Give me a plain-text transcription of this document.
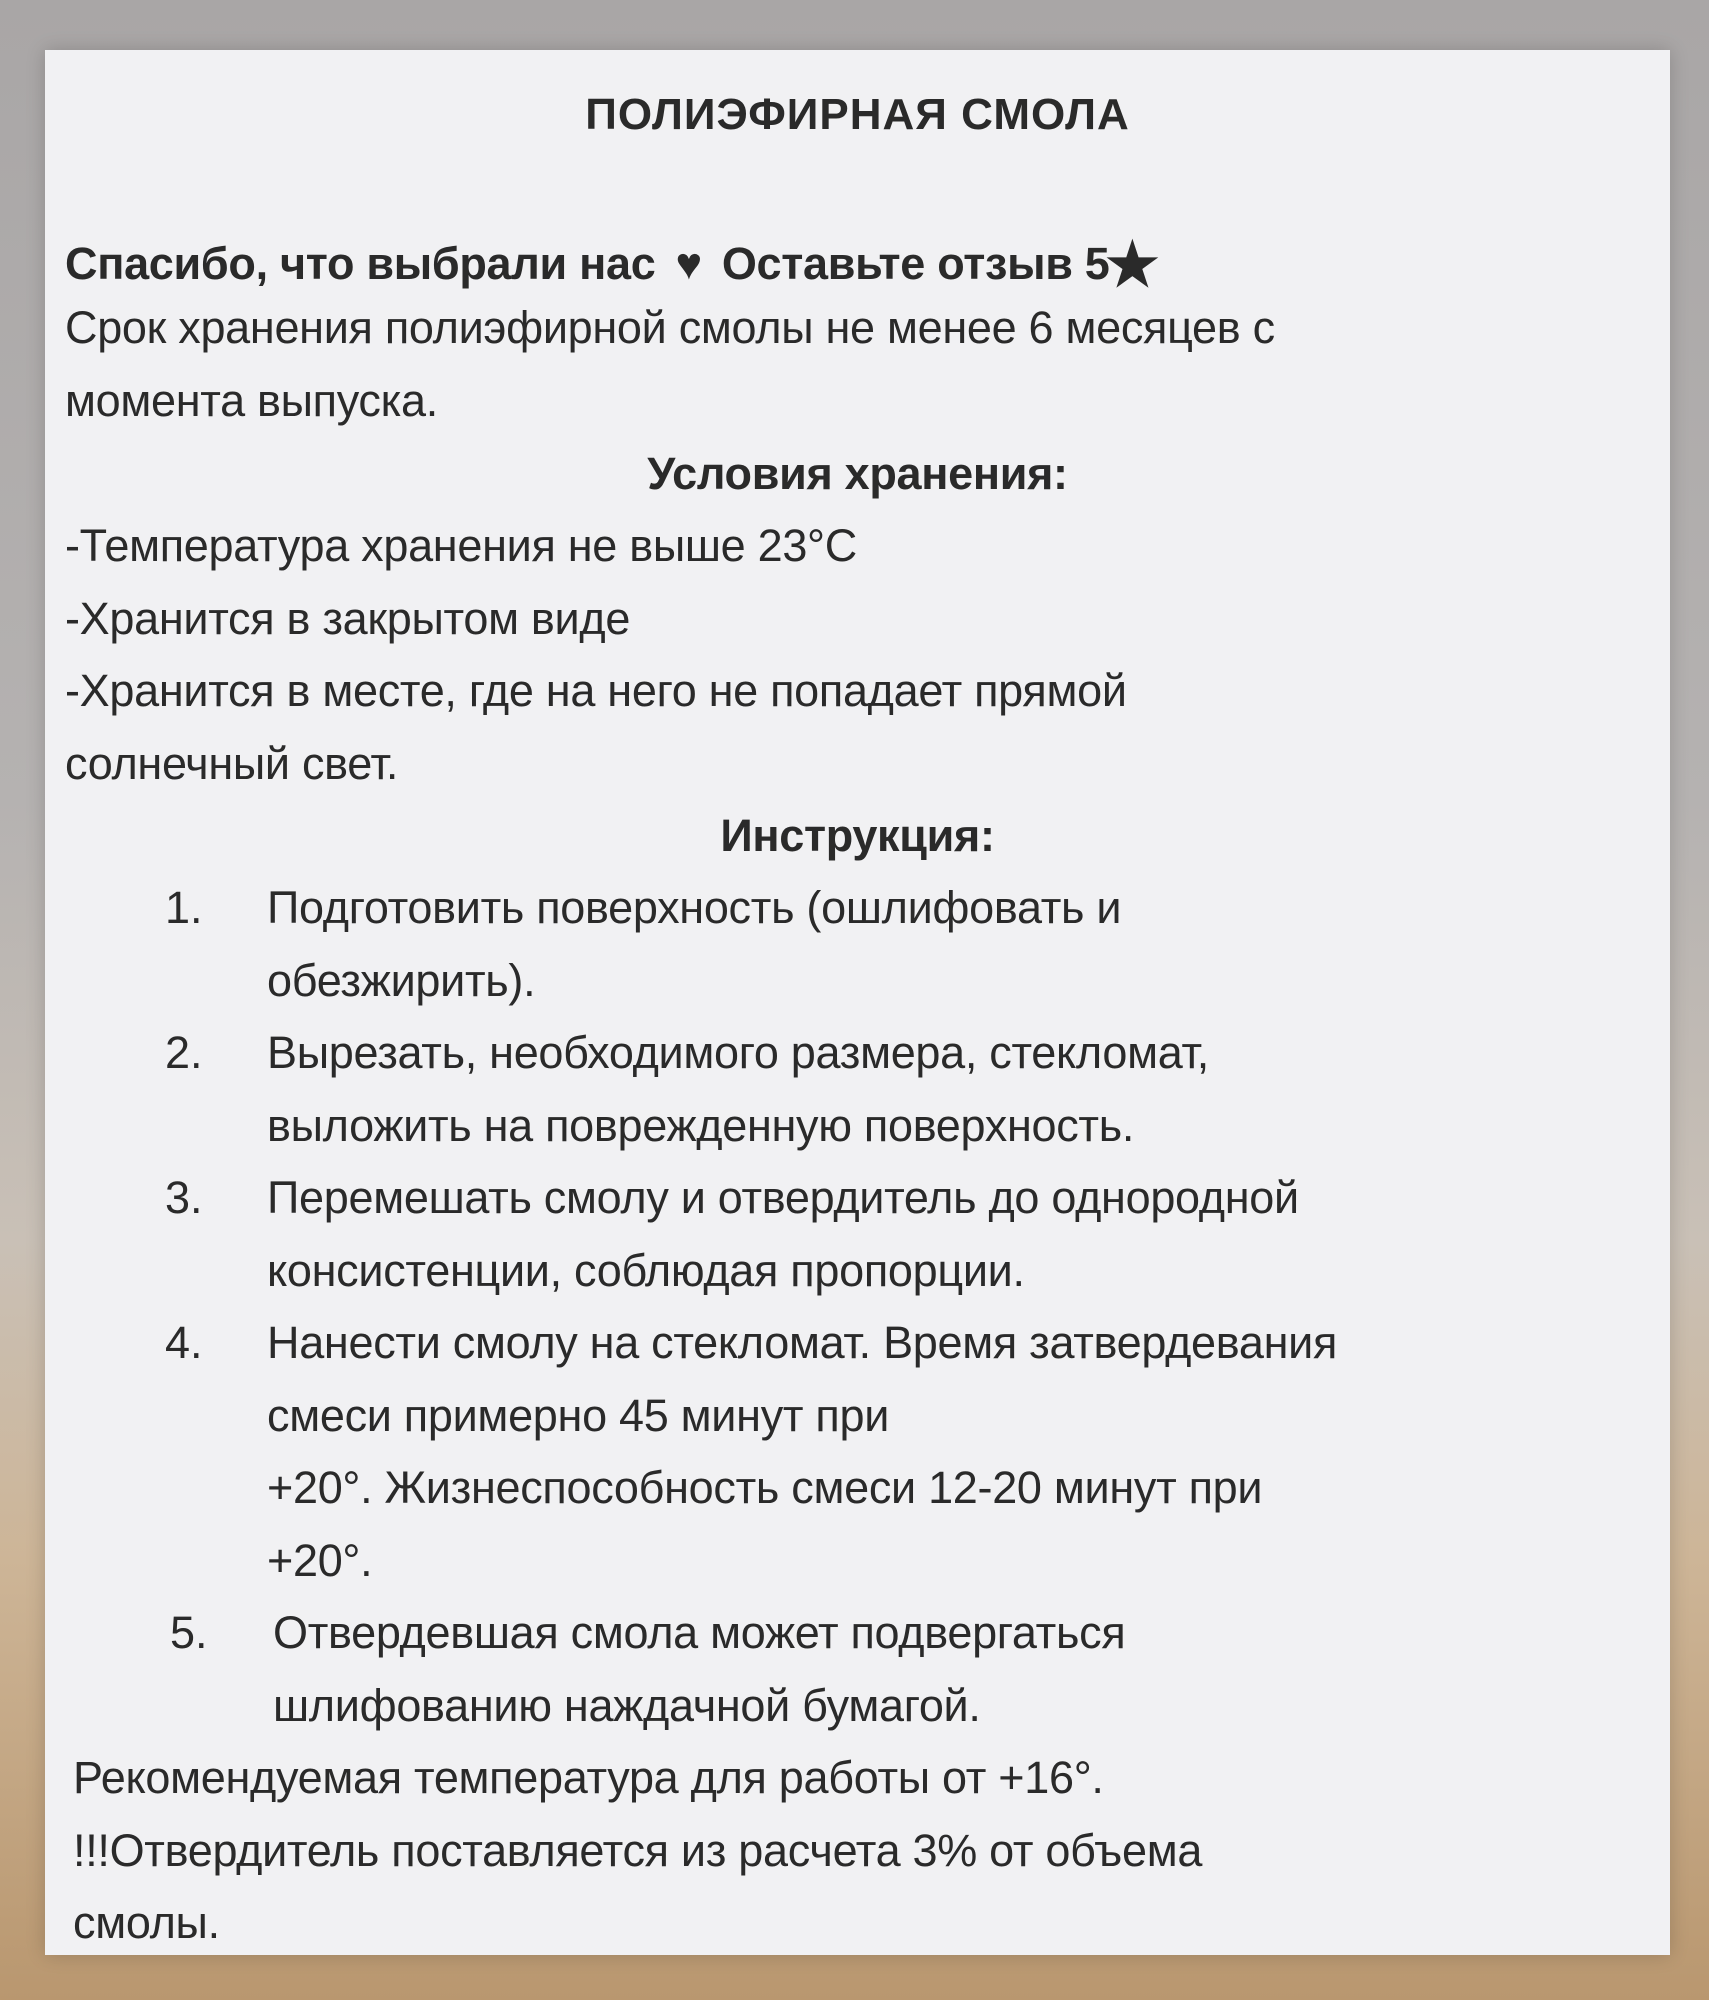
ПОЛИЭФИРНАЯ СМОЛА
Спасибо, что выбрали нас ♥ Оставьте отзыв 5★
Срок хранения полиэфирной смолы не менее 6 месяцев с
момента выпуска.
Условия хранения:
-Температура хранения не выше 23°С
-Хранится в закрытом виде
-Хранится в месте, где на него не попадает прямой
солнечный свет.
Инструкция:
1. Подготовить поверхность (ошлифовать и
обезжирить).
2. Вырезать, необходимого размера, стекломат,
выложить на поврежденную поверхность.
3. Перемешать смолу и отвердитель до однородной
консистенции, соблюдая пропорции.
4. Нанести смолу на стекломат. Время затвердевания
смеси примерно 45 минут при
+20°. Жизнеспособность смеси 12-20 минут при
+20°.
5. Отвердевшая смола может подвергаться
шлифованию наждачной бумагой.
Рекомендуемая температура для работы от +16°.
!!!Отвердитель поставляется из расчета 3% от объема
смолы.
